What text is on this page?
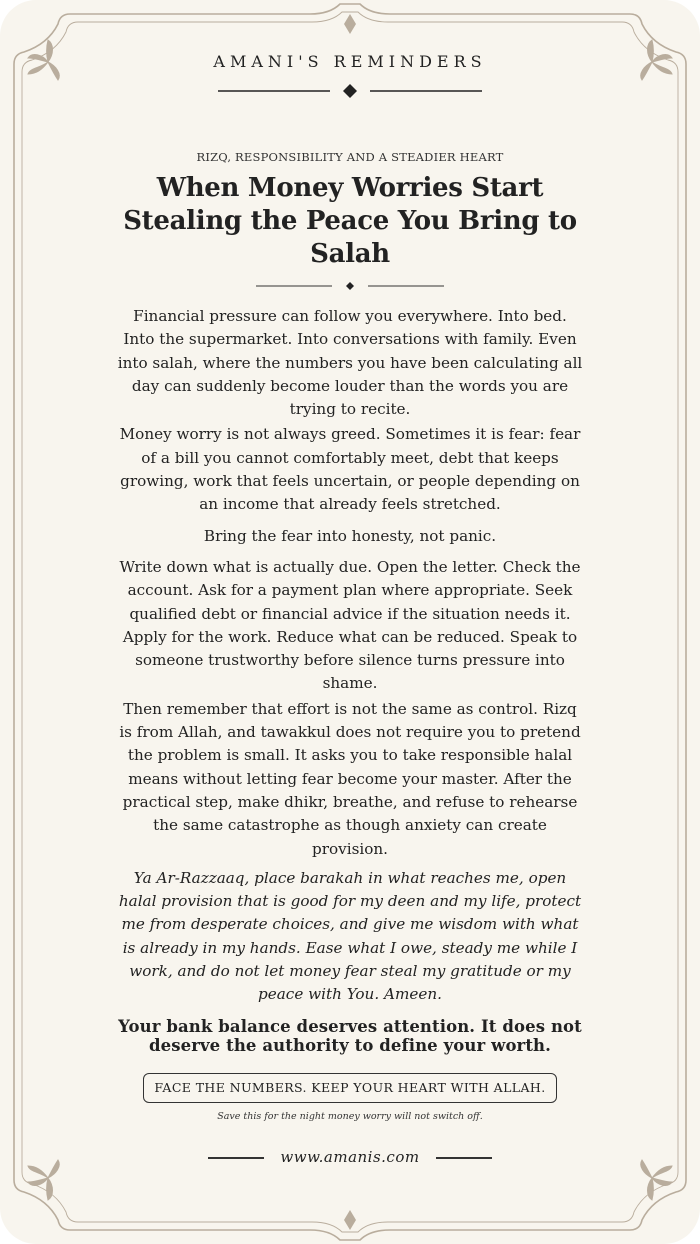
AMANI'S REMINDERS

RIZQ, RESPONSIBILITY AND A STEADIER HEART

When Money Worries Start Stealing the Peace You Bring to Salah

Financial pressure can follow you everywhere. Into bed. Into the supermarket. Into conversations with family. Even into salah, where the numbers you have been calculating all day can suddenly become louder than the words you are trying to recite.

Money worry is not always greed. Sometimes it is fear: fear of a bill you cannot comfortably meet, debt that keeps growing, work that feels uncertain, or people depending on an income that already feels stretched.

Bring the fear into honesty, not panic.

Write down what is actually due. Open the letter. Check the account. Ask for a payment plan where appropriate. Seek qualified debt or financial advice if the situation needs it. Apply for the work. Reduce what can be reduced. Speak to someone trustworthy before silence turns pressure into shame.

Then remember that effort is not the same as control. Rizq is from Allah, and tawakkul does not require you to pretend the problem is small. It asks you to take responsible halal means without letting fear become your master. After the practical step, make dhikr, breathe, and refuse to rehearse the same catastrophe as though anxiety can create provision.

Ya Ar-Razzaaq, place barakah in what reaches me, open halal provision that is good for my deen and my life, protect me from desperate choices, and give me wisdom with what is already in my hands. Ease what I owe, steady me while I work, and do not let money fear steal my gratitude or my peace with You. Ameen.

Your bank balance deserves attention. It does not deserve the authority to define your worth.

FACE THE NUMBERS. KEEP YOUR HEART WITH ALLAH.

Save this for the night money worry will not switch off.

www.amanis.com
